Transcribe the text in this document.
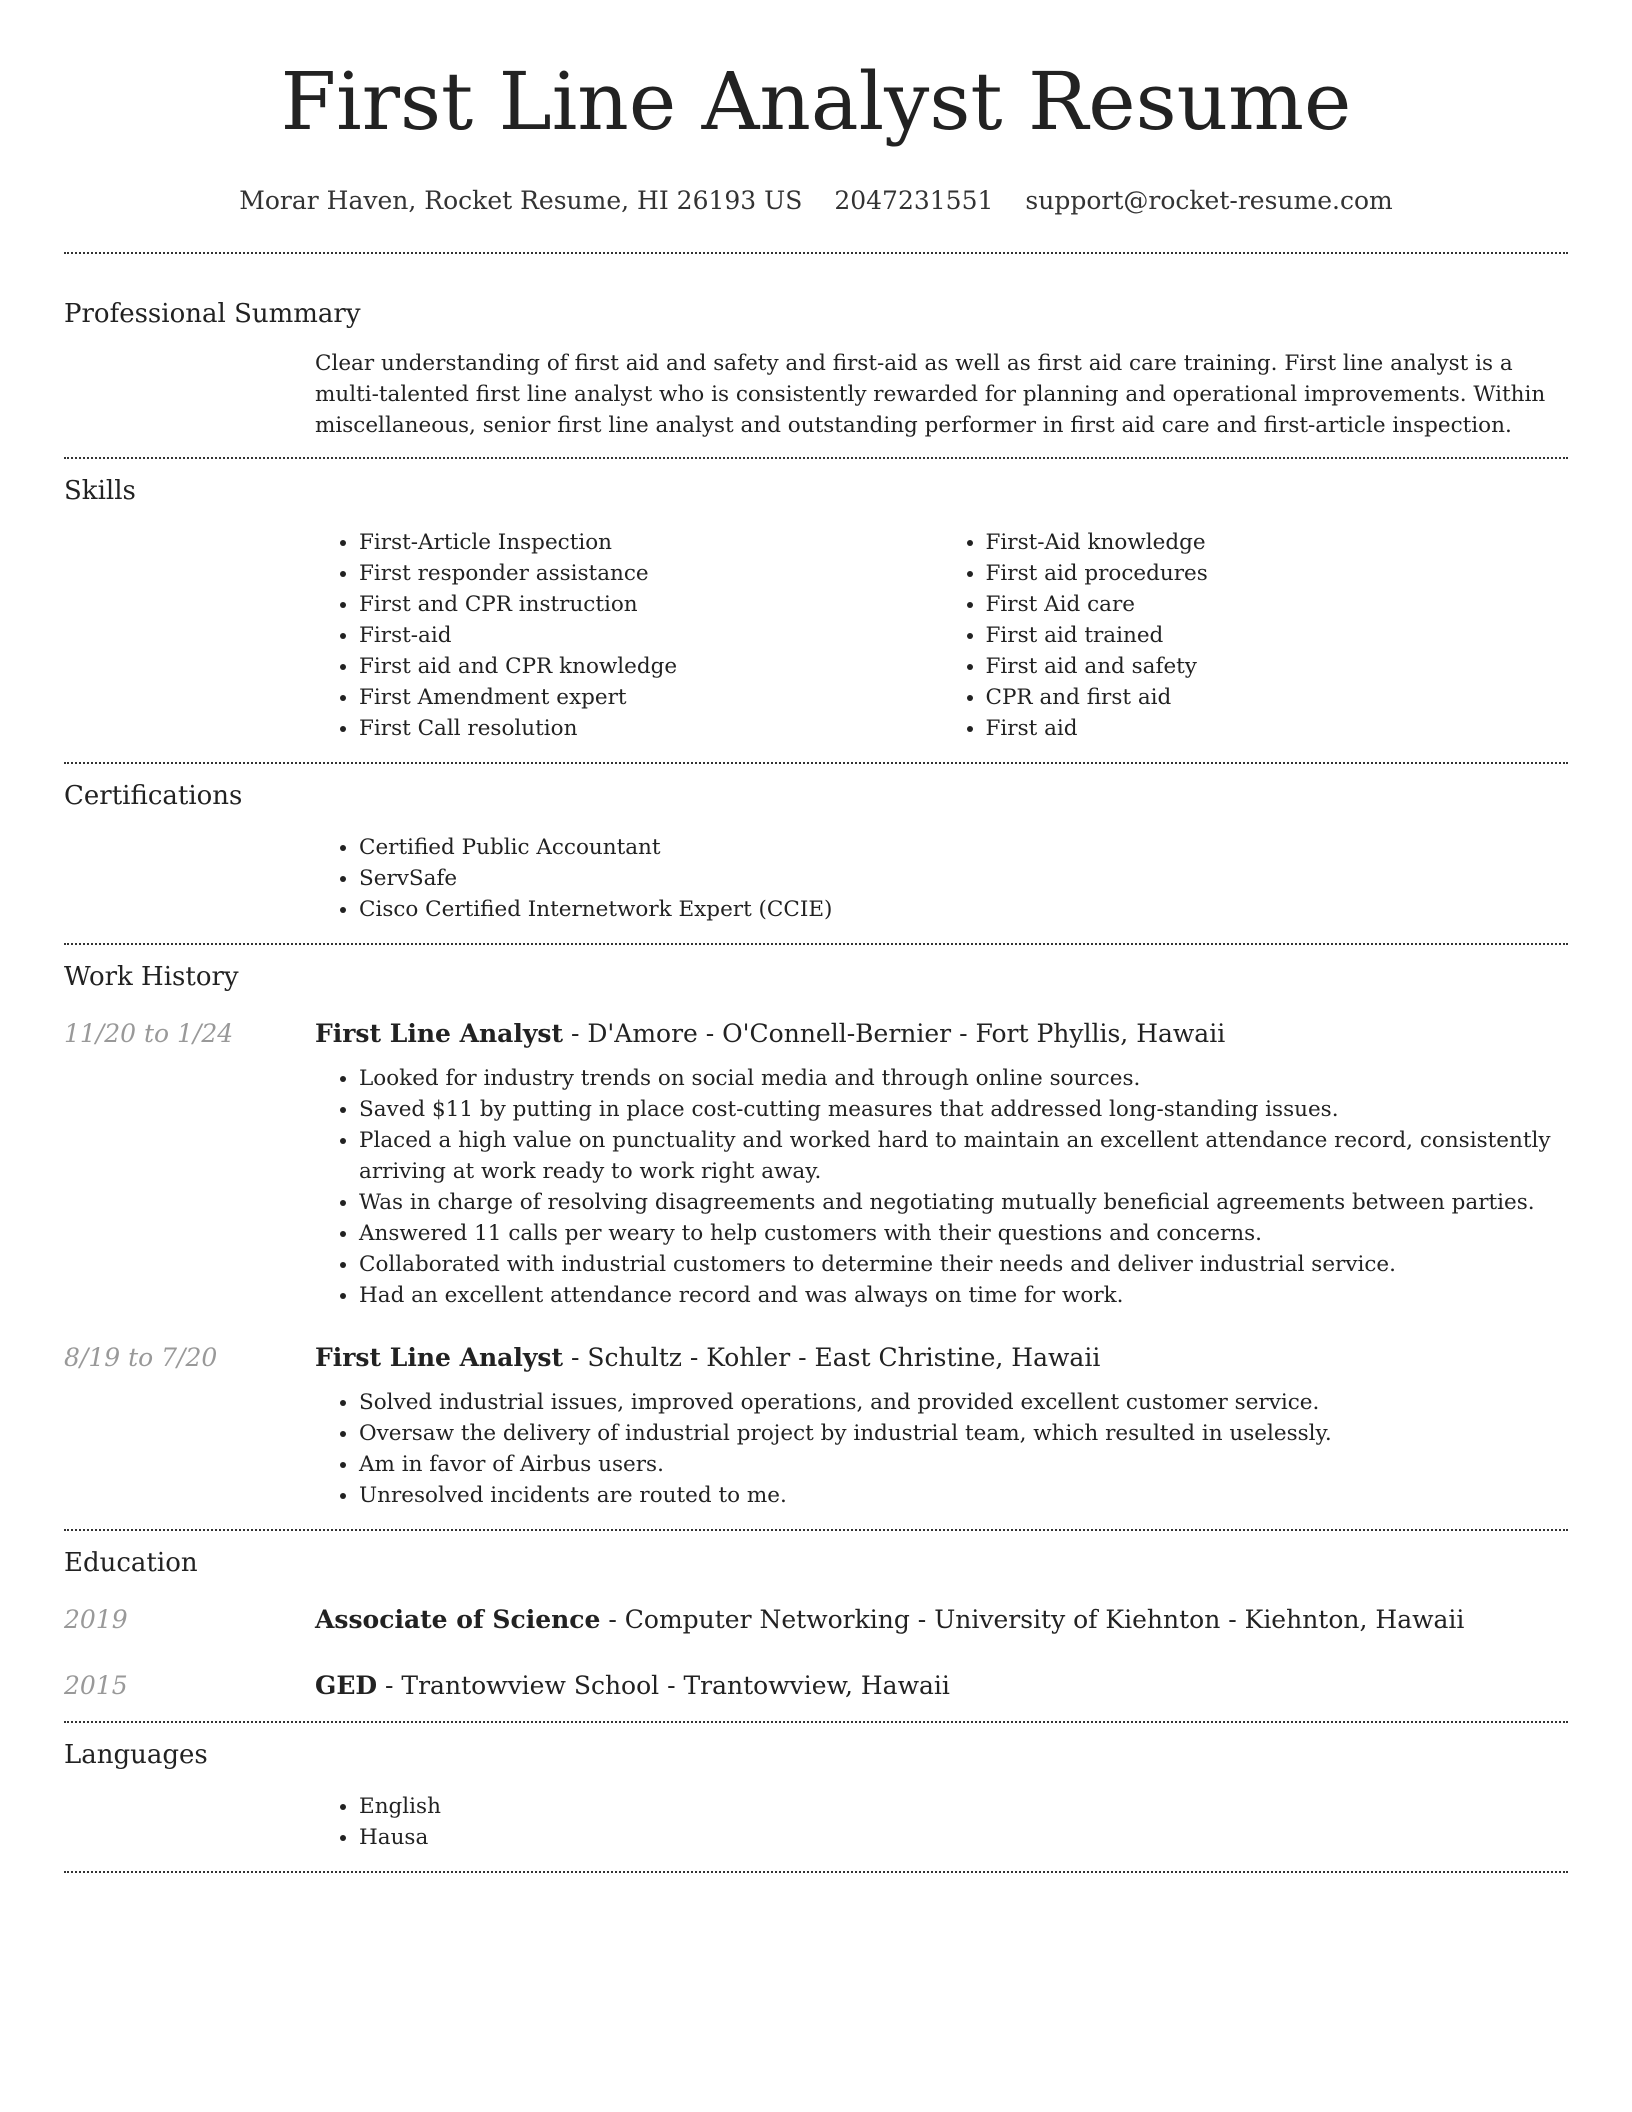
First Line Analyst Resume
Morar Haven, Rocket Resume, HI 26193 US 2047231551 support@rocket-resume.com
Professional Summary
Clear understanding of first aid and safety and first-aid as well as first aid care training. First line analyst is a multi-talented first line analyst who is consistently rewarded for planning and operational improvements. Within miscellaneous, senior first line analyst and outstanding performer in first aid care and first-article inspection.
Skills
• First-Article Inspection
• First responder assistance
• First and CPR instruction
• First-aid
• First aid and CPR knowledge
• First Amendment expert
• First Call resolution
• First-Aid knowledge
• First aid procedures
• First Aid care
• First aid trained
• First aid and safety
• CPR and first aid
• First aid
Certifications
• Certified Public Accountant
• ServSafe
• Cisco Certified Internetwork Expert (CCIE)
Work History
11/20 to 1/24	First Line Analyst - D'Amore - O'Connell-Bernier - Fort Phyllis, Hawaii
• Looked for industry trends on social media and through online sources.
• Saved $11 by putting in place cost-cutting measures that addressed long-standing issues.
• Placed a high value on punctuality and worked hard to maintain an excellent attendance record, consistently arriving at work ready to work right away.
• Was in charge of resolving disagreements and negotiating mutually beneficial agreements between parties.
• Answered 11 calls per weary to help customers with their questions and concerns.
• Collaborated with industrial customers to determine their needs and deliver industrial service.
• Had an excellent attendance record and was always on time for work.
8/19 to 7/20	First Line Analyst - Schultz - Kohler - East Christine, Hawaii
• Solved industrial issues, improved operations, and provided excellent customer service.
• Oversaw the delivery of industrial project by industrial team, which resulted in uselessly.
• Am in favor of Airbus users.
• Unresolved incidents are routed to me.
Education
2019	Associate of Science - Computer Networking - University of Kiehnton - Kiehnton, Hawaii
2015	GED - Trantowview School - Trantowview, Hawaii
Languages
• English
• Hausa
